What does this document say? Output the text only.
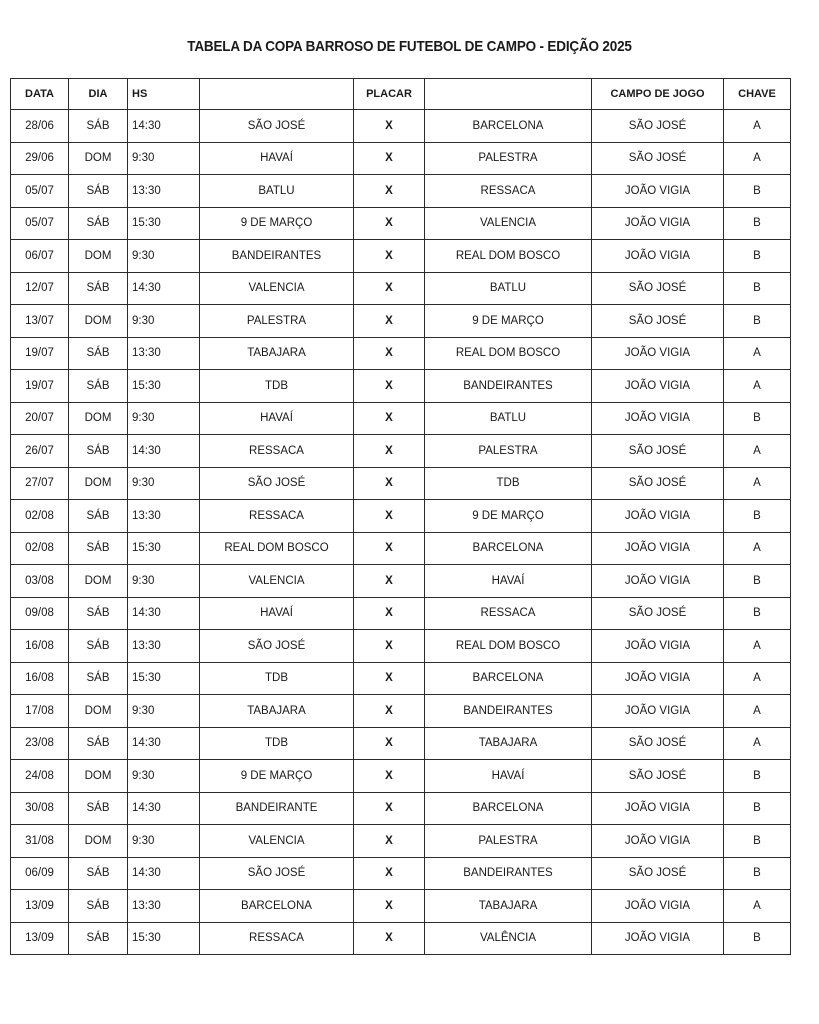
TABELA DA COPA BARROSO DE FUTEBOL DE CAMPO - EDIÇÃO 2025
DATA	DIA	HS		PLACAR		CAMPO DE JOGO	CHAVE
28/06	SÁB	14:30	SÃO JOSÉ	X	BARCELONA	SÃO JOSÉ	A
29/06	DOM	9:30	HAVAÍ	X	PALESTRA	SÃO JOSÉ	A
05/07	SÁB	13:30	BATLU	X	RESSACA	JOÃO VIGIA	B
05/07	SÁB	15:30	9 DE MARÇO	X	VALENCIA	JOÃO VIGIA	B
06/07	DOM	9:30	BANDEIRANTES	X	REAL DOM BOSCO	JOÃO VIGIA	B
12/07	SÁB	14:30	VALENCIA	X	BATLU	SÃO JOSÉ	B
13/07	DOM	9:30	PALESTRA	X	9 DE MARÇO	SÃO JOSÉ	B
19/07	SÁB	13:30	TABAJARA	X	REAL DOM BOSCO	JOÃO VIGIA	A
19/07	SÁB	15:30	TDB	X	BANDEIRANTES	JOÃO VIGIA	A
20/07	DOM	9:30	HAVAÍ	X	BATLU	JOÃO VIGIA	B
26/07	SÁB	14:30	RESSACA	X	PALESTRA	SÃO JOSÉ	A
27/07	DOM	9:30	SÃO JOSÉ	X	TDB	SÃO JOSÉ	A
02/08	SÁB	13:30	RESSACA	X	9 DE MARÇO	JOÃO VIGIA	B
02/08	SÁB	15:30	REAL DOM BOSCO	X	BARCELONA	JOÃO VIGIA	A
03/08	DOM	9:30	VALENCIA	X	HAVAÍ	JOÃO VIGIA	B
09/08	SÁB	14:30	HAVAÍ	X	RESSACA	SÃO JOSÉ	B
16/08	SÁB	13:30	SÃO JOSÉ	X	REAL DOM BOSCO	JOÃO VIGIA	A
16/08	SÁB	15:30	TDB	X	BARCELONA	JOÃO VIGIA	A
17/08	DOM	9:30	TABAJARA	X	BANDEIRANTES	JOÃO VIGIA	A
23/08	SÁB	14:30	TDB	X	TABAJARA	SÃO JOSÉ	A
24/08	DOM	9:30	9 DE MARÇO	X	HAVAÍ	SÃO JOSÉ	B
30/08	SÁB	14:30	BANDEIRANTE	X	BARCELONA	JOÃO VIGIA	B
31/08	DOM	9:30	VALENCIA	X	PALESTRA	JOÃO VIGIA	B
06/09	SÁB	14:30	SÃO JOSÉ	X	BANDEIRANTES	SÃO JOSÉ	B
13/09	SÁB	13:30	BARCELONA	X	TABAJARA	JOÃO VIGIA	A
13/09	SÁB	15:30	RESSACA	X	VALÊNCIA	JOÃO VIGIA	B
